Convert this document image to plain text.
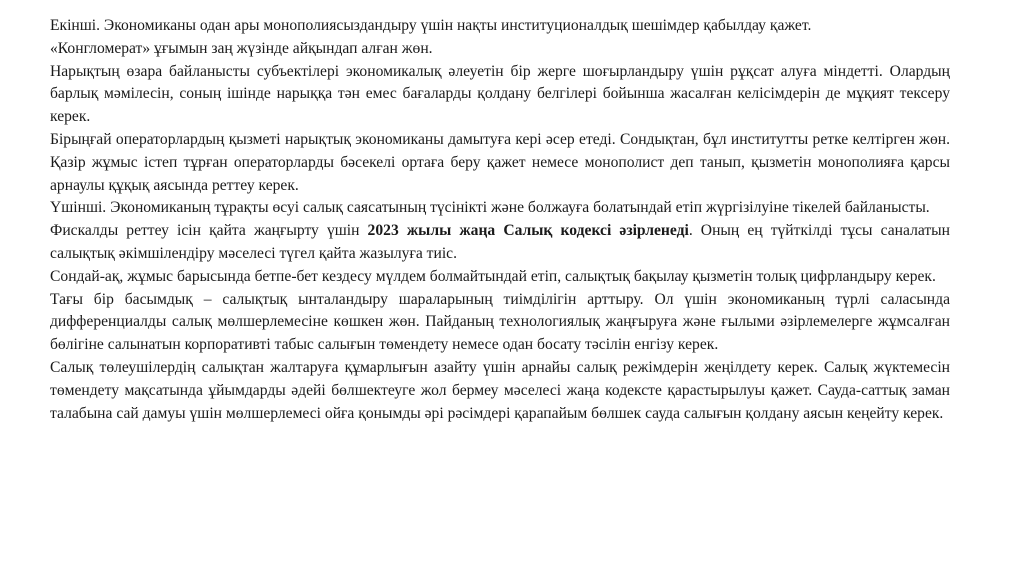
Екінші. Экономиканы одан ары монополиясыздандыру үшін нақты институционалдық шешімдер қабылдау қажет.

«Конгломерат» ұғымын заң жүзінде айқындап алған жөн.

Нарықтың өзара байланысты субъектілері экономикалық әлеуетін бір жерге шоғырландыру үшін рұқсат алуға міндетті. Олардың барлық мәмілесін, соның ішінде нарыққа тән емес бағаларды қолдану белгілері бойынша жасалған келісімдерін де мұқият тексеру керек.

Бірыңғай операторлардың қызметі нарықтық экономиканы дамытуға кері әсер етеді. Сондықтан, бұл институтты ретке келтірген жөн. Қазір жұмыс істеп тұрған операторларды бәсекелі ортаға беру қажет немесе монополист деп танып, қызметін монополияға қарсы арнаулы құқық аясында реттеу керек.

Үшінші. Экономиканың тұрақты өсуі салық саясатының түсінікті және болжауға болатындай етіп жүргізілуіне тікелей байланысты.

Фискалды реттеу ісін қайта жаңғырту үшін 2023 жылы жаңа Салық кодексі әзірленеді. Оның ең түйткілді тұсы саналатын салықтық әкімшілендіру мәселесі түгел қайта жазылуға тиіс.

Сондай-ақ, жұмыс барысында бетпе-бет кездесу мүлдем болмайтындай етіп, салықтық бақылау қызметін толық цифрландыру керек.

Тағы бір басымдық – салықтық ынталандыру шараларының тиімділігін арттыру. Ол үшін экономиканың түрлі саласында дифференциалды салық мөлшерлемесіне көшкен жөн. Пайданың технологиялық жаңғыруға және ғылыми әзірлемелерге жұмсалған бөлігіне салынатын корпоративті табыс салығын төмендету немесе одан босату тәсілін енгізу керек.

Салық төлеушілердің салықтан жалтаруға құмарлығын азайту үшін арнайы салық режімдерін жеңілдету керек. Салық жүктемесін төмендету мақсатында ұйымдарды әдейі бөлшектеуге жол бермеу мәселесі жаңа кодексте қарастырылуы қажет. Сауда-саттық заман талабына сай дамуы үшін мөлшерлемесі ойға қонымды әрі рәсімдері қарапайым бөлшек сауда салығын қолдану аясын кеңейту керек.
